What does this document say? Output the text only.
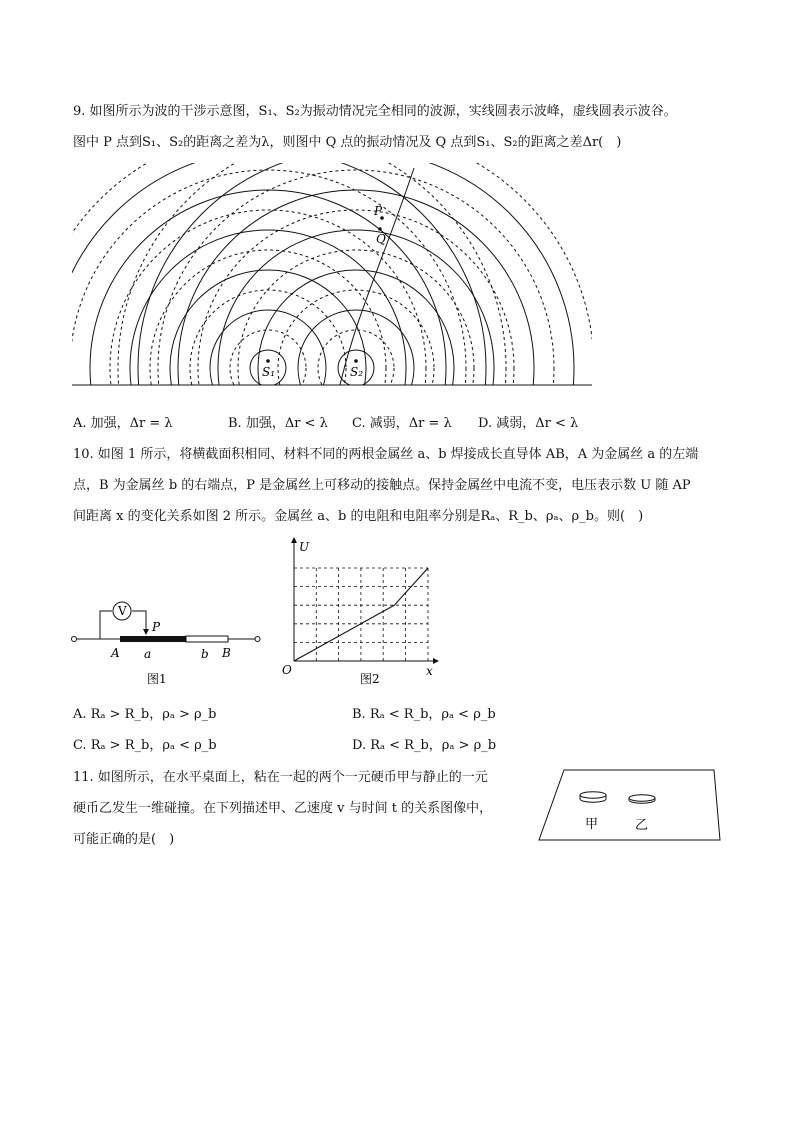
9. 如图所示为波的干涉示意图，S₁、S₂为振动情况完全相同的波源，实线圆表示波峰，虚线圆表示波谷。
图中 P 点到S₁、S₂的距离之差为λ，则图中 Q 点的振动情况及 Q 点到S₁、S₂的距离之差Δr(　)
P
Q
S₁	S₂
A. 加强，Δr = λ	B. 加强，Δr < λ C. 减弱，Δr = λ D. 减弱，Δr < λ
10. 如图 1 所示，将横截面积相同、材料不同的两根金属丝 a、b 焊接成长直导体 AB，A 为金属丝 a 的左端
点，B 为金属丝 b 的右端点，P 是金属丝上可移动的接触点。保持金属丝中电流不变，电压表示数 U 随 AP
间距离 x 的变化关系如图 2 所示。金属丝 a、b 的电阻和电阻率分别是Rₐ、R_b、ρₐ、ρ_b。则(　)
V
P
A a	b B
图1
U
x
O
图2
A. Rₐ > R_b，ρₐ > ρ_b	B. Rₐ < R_b，ρₐ < ρ_b
C. Rₐ > R_b，ρₐ < ρ_b	D. Rₐ < R_b，ρₐ > ρ_b
11. 如图所示，在水平桌面上，粘在一起的两个一元硬币甲与静止的一元
硬币乙发生一维碰撞。在下列描述甲、乙速度 v 与时间 t 的关系图像中，
可能正确的是(　)
甲	乙
